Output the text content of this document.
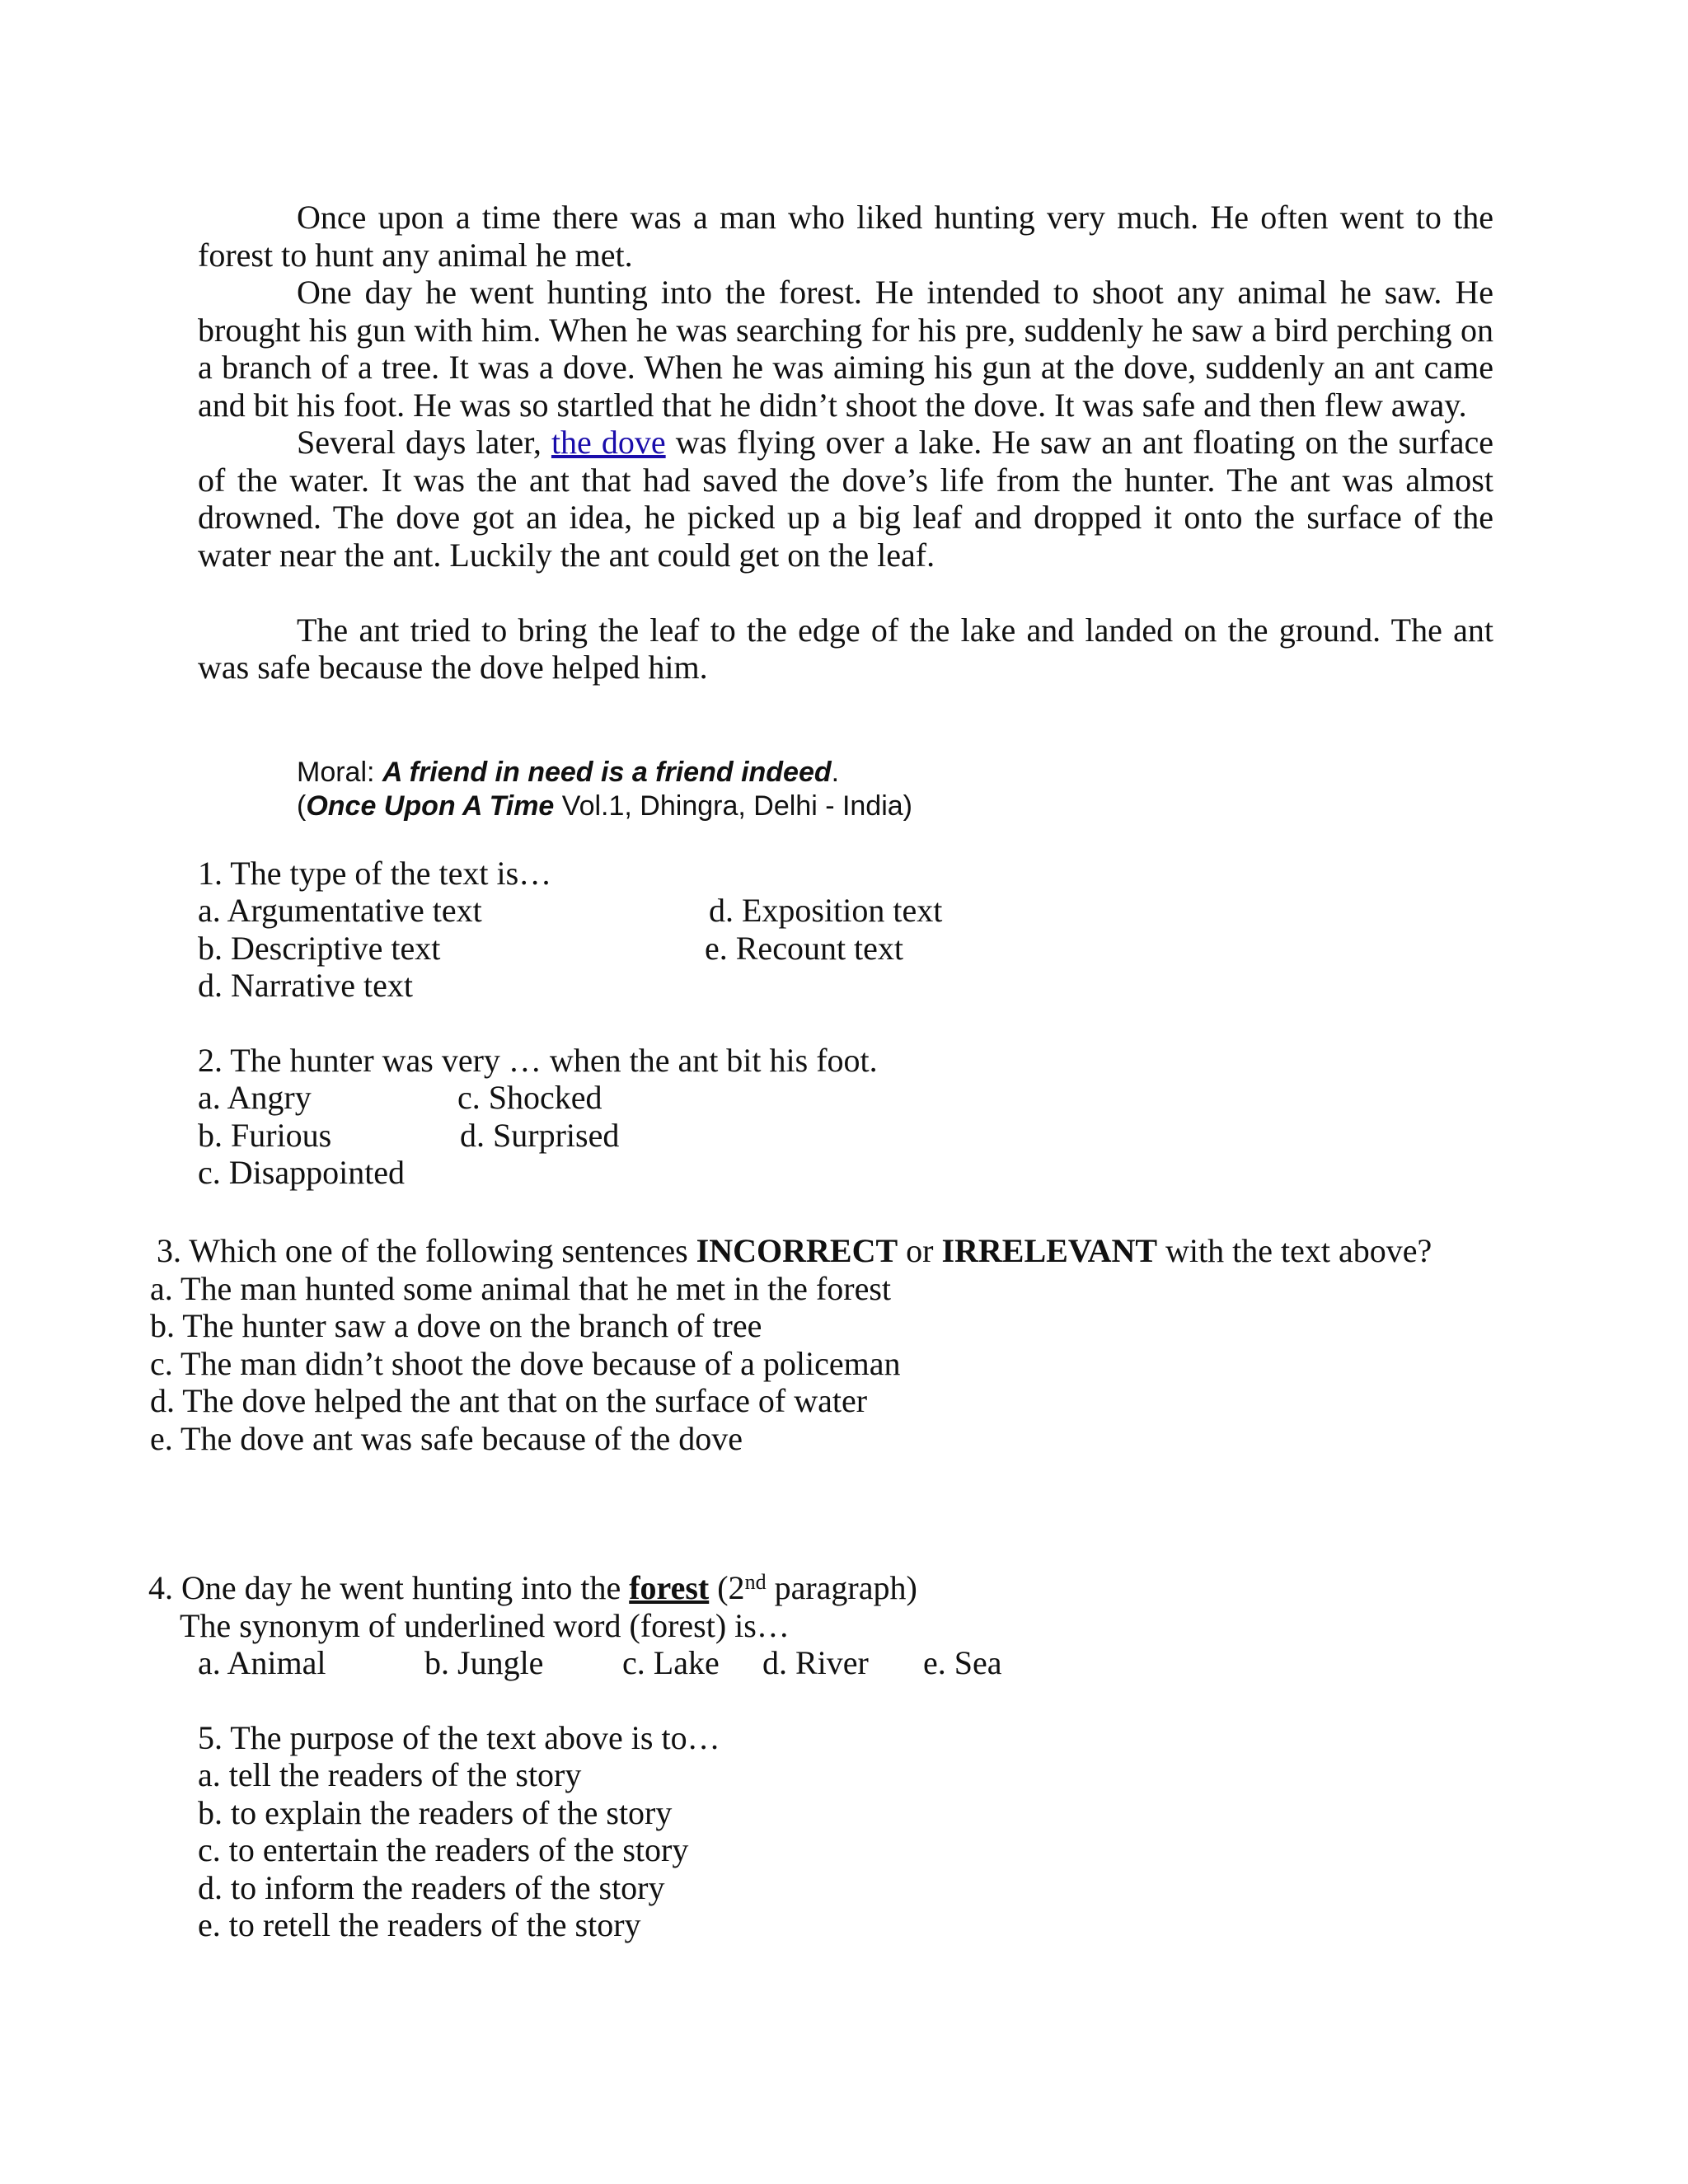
Once upon a time there was a man who liked hunting very much. He often went to the forest to hunt any animal he met.

One day he went hunting into the forest. He intended to shoot any animal he saw. He brought his gun with him. When he was searching for his pre, suddenly he saw a bird perching on a branch of a tree. It was a dove. When he was aiming his gun at the dove, suddenly an ant came and bit his foot. He was so startled that he didn’t shoot the dove. It was safe and then flew away.

Several days later, the dove was flying over a lake. He saw an ant floating on the surface of the water. It was the ant that had saved the dove’s life from the hunter. The ant was almost drowned. The dove got an idea, he picked up a big leaf and dropped it onto the surface of the water near the ant. Luckily the ant could get on the leaf.

The ant tried to bring the leaf to the edge of the lake and landed on the ground. The ant was safe because the dove helped him.

Moral: A friend in need is a friend indeed.

(Once Upon A Time Vol.1, Dhingra, Delhi - India)

1. The type of the text is…
a. Argumentative text
b. Descriptive text
d. Narrative text
d. Exposition text
e. Recount text
2. The hunter was very … when the ant bit his foot.
a. Angry
b. Furious
c. Disappointed
c. Shocked
d. Surprised

3. Which one of the following sentences INCORRECT or IRRELEVANT with the text above?

a. The man hunted some animal that he met in the forest

b. The hunter saw a dove on the branch of tree

c. The man didn’t shoot the dove because of a policeman

d. The dove helped the ant that on the surface of water

e. The dove ant was safe because of the dove

4. One day he went hunting into the forest (2nd paragraph)
The synonym of underlined word (forest) is…
a. Animal	b. Jungle c. Lake d. River e. Sea
5. The purpose of the text above is to…
a. tell the readers of the story
b. to explain the readers of the story
c. to entertain the readers of the story
d. to inform the readers of the story
e. to retell the readers of the story
